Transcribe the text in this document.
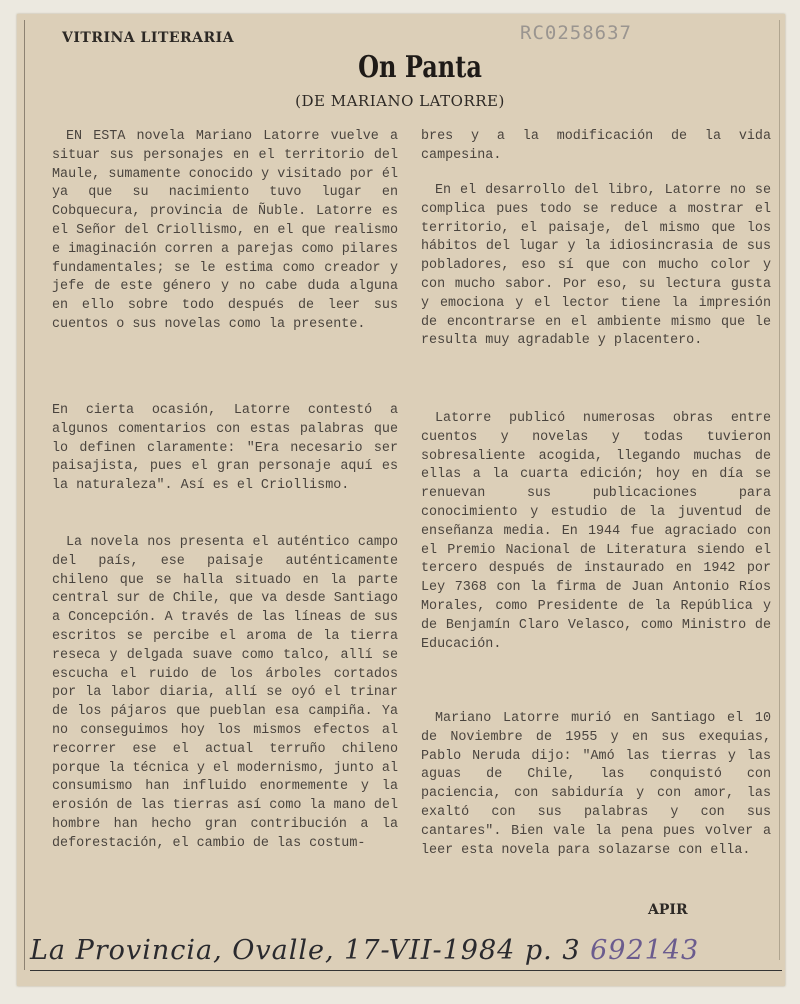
VITRINA LITERARIA	RC0258637
On Panta
(DE MARIANO LATORRE)

EN ESTA novela Mariano Latorre vuelve a situar sus personajes en el territorio del Maule, sumamente conocido y visitado por él ya que su nacimiento tuvo lugar en Cobquecura, provincia de Ñuble. Latorre es el Señor del Criollismo, en el que realismo e imaginación corren a parejas como pilares fundamentales; se le estima como creador y jefe de este género y no cabe duda alguna en ello sobre todo después de leer sus cuentos o sus novelas como la presente.

En cierta ocasión, Latorre contestó a algunos comentarios con estas palabras que lo definen claramente: "Era necesario ser paisajista, pues el gran personaje aquí es la naturaleza". Así es el Criollismo.

La novela nos presenta el auténtico campo del país, ese paisaje auténticamente chileno que se halla situado en la parte central sur de Chile, que va desde Santiago a Concepción. A través de las líneas de sus escritos se percibe el aroma de la tierra reseca y delgada suave como talco, allí se escucha el ruido de los árboles cortados por la labor diaria, allí se oyó el trinar de los pájaros que pueblan esa campiña. Ya no conseguimos hoy los mismos efectos al recorrer ese el actual terruño chileno porque la técnica y el modernismo, junto al consumismo han influido enormemente y la erosión de las tierras así como la mano del hombre han hecho gran contribución a la deforestación, el cambio de las costum-

bres y a la modificación de la vida campesina.

En el desarrollo del libro, Latorre no se complica pues todo se reduce a mostrar el territorio, el paisaje, del mismo que los hábitos del lugar y la idiosincrasia de sus pobladores, eso sí que con mucho color y con mucho sabor. Por eso, su lectura gusta y emociona y el lector tiene la impresión de encontrarse en el ambiente mismo que le resulta muy agradable y placentero.

Latorre publicó numerosas obras entre cuentos y novelas y todas tuvieron sobresaliente acogida, llegando muchas de ellas a la cuarta edición; hoy en día se renuevan sus publicaciones para conocimiento y estudio de la juventud de enseñanza media. En 1944 fue agraciado con el Premio Nacional de Literatura siendo el tercero después de instaurado en 1942 por Ley 7368 con la firma de Juan Antonio Ríos Morales, como Presidente de la República y de Benjamín Claro Velasco, como Ministro de Educación.

Mariano Latorre murió en Santiago el 10 de Noviembre de 1955 y en sus exequias, Pablo Neruda dijo: "Amó las tierras y las aguas de Chile, las conquistó con paciencia, con sabiduría y con amor, las exaltó con sus palabras y con sus cantares". Bien vale la pena pues volver a leer esta novela para solazarse con ella.

APIR
La Provincia, Ovalle, 17-VII-1984 p. 3 692143
